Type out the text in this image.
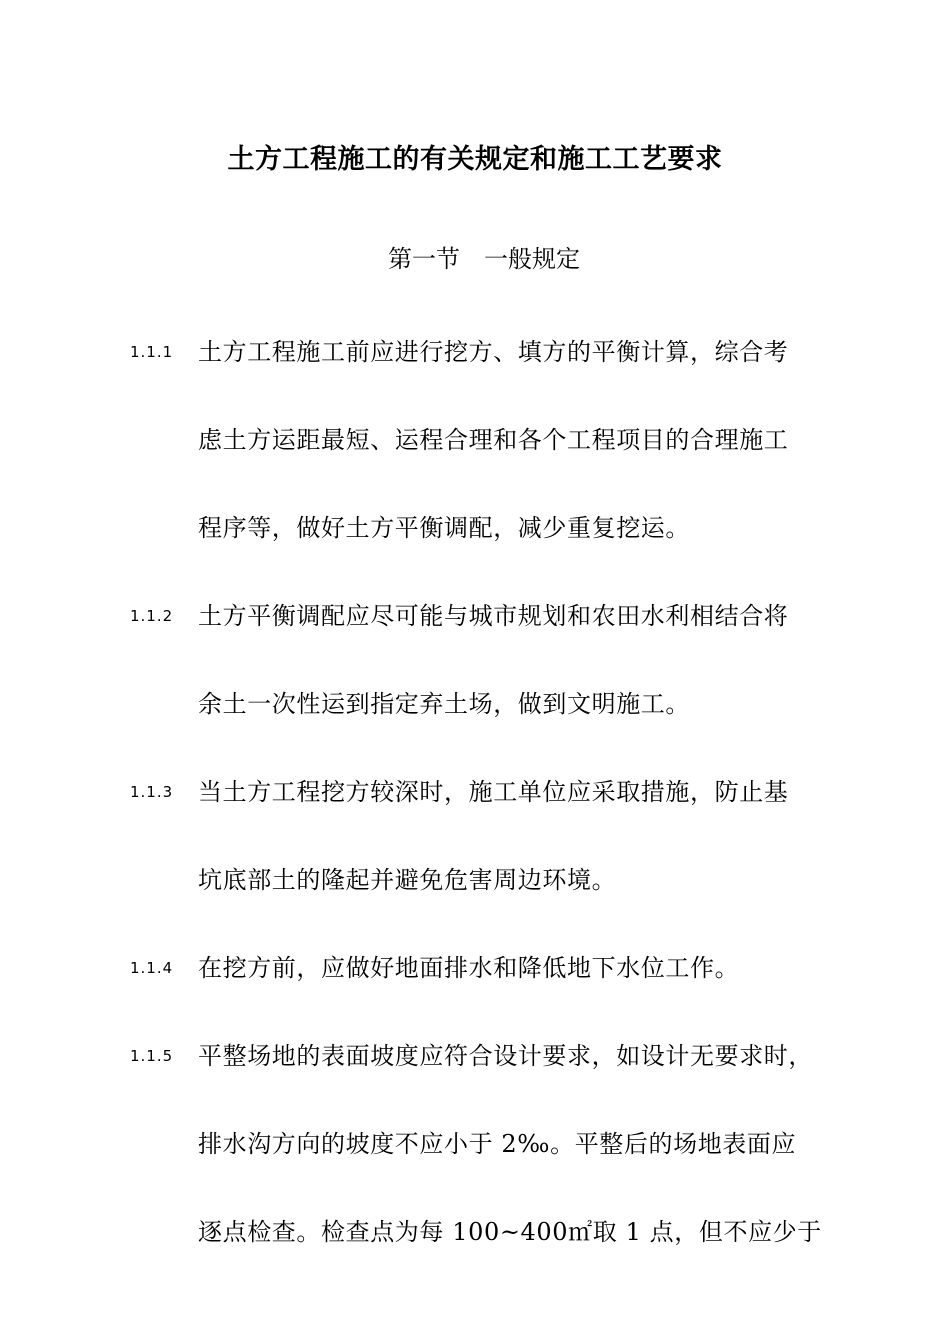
土方工程施工的有关规定和施工工艺要求
第一节　一般规定
1.1.1	土方工程施工前应进行挖方、填方的平衡计算，综合考
虑土方运距最短、运程合理和各个工程项目的合理施工
程序等，做好土方平衡调配，减少重复挖运。
1.1.2	土方平衡调配应尽可能与城市规划和农田水利相结合将
余土一次性运到指定弃土场，做到文明施工。
1.1.3	当土方工程挖方较深时，施工单位应采取措施，防止基
坑底部土的隆起并避免危害周边环境。
1.1.4	在挖方前，应做好地面排水和降低地下水位工作。
1.1.5	平整场地的表面坡度应符合设计要求，如设计无要求时，
排水沟方向的坡度不应小于 2‰。平整后的场地表面应
逐点检查。检查点为每 100~400㎡取 1 点，但不应少于
